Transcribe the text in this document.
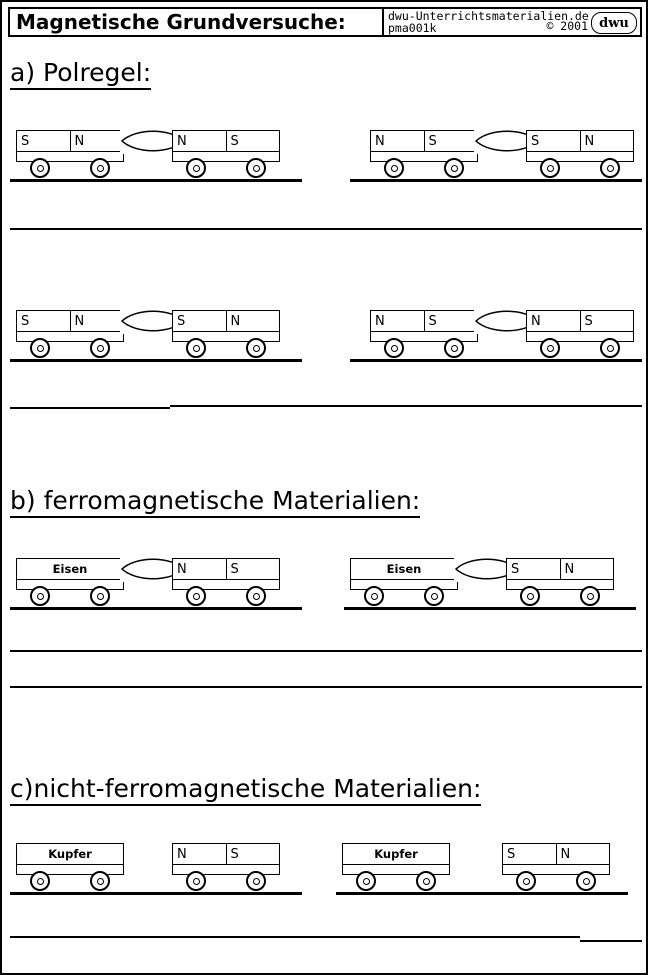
Magnetische Grundversuche:	dwu-Unterrichtsmaterialien.de
pma001k	© 2001 dwu
a) Polregel:
S	N	N	S	N	S	S	N
S	N	S	N	N	S	N	S
b) ferromagnetische Materialien:
Eisen	N	S	Eisen	S	N
c)nicht-ferromagnetische Materialien:
Kupfer	N	S	Kupfer	S	N
